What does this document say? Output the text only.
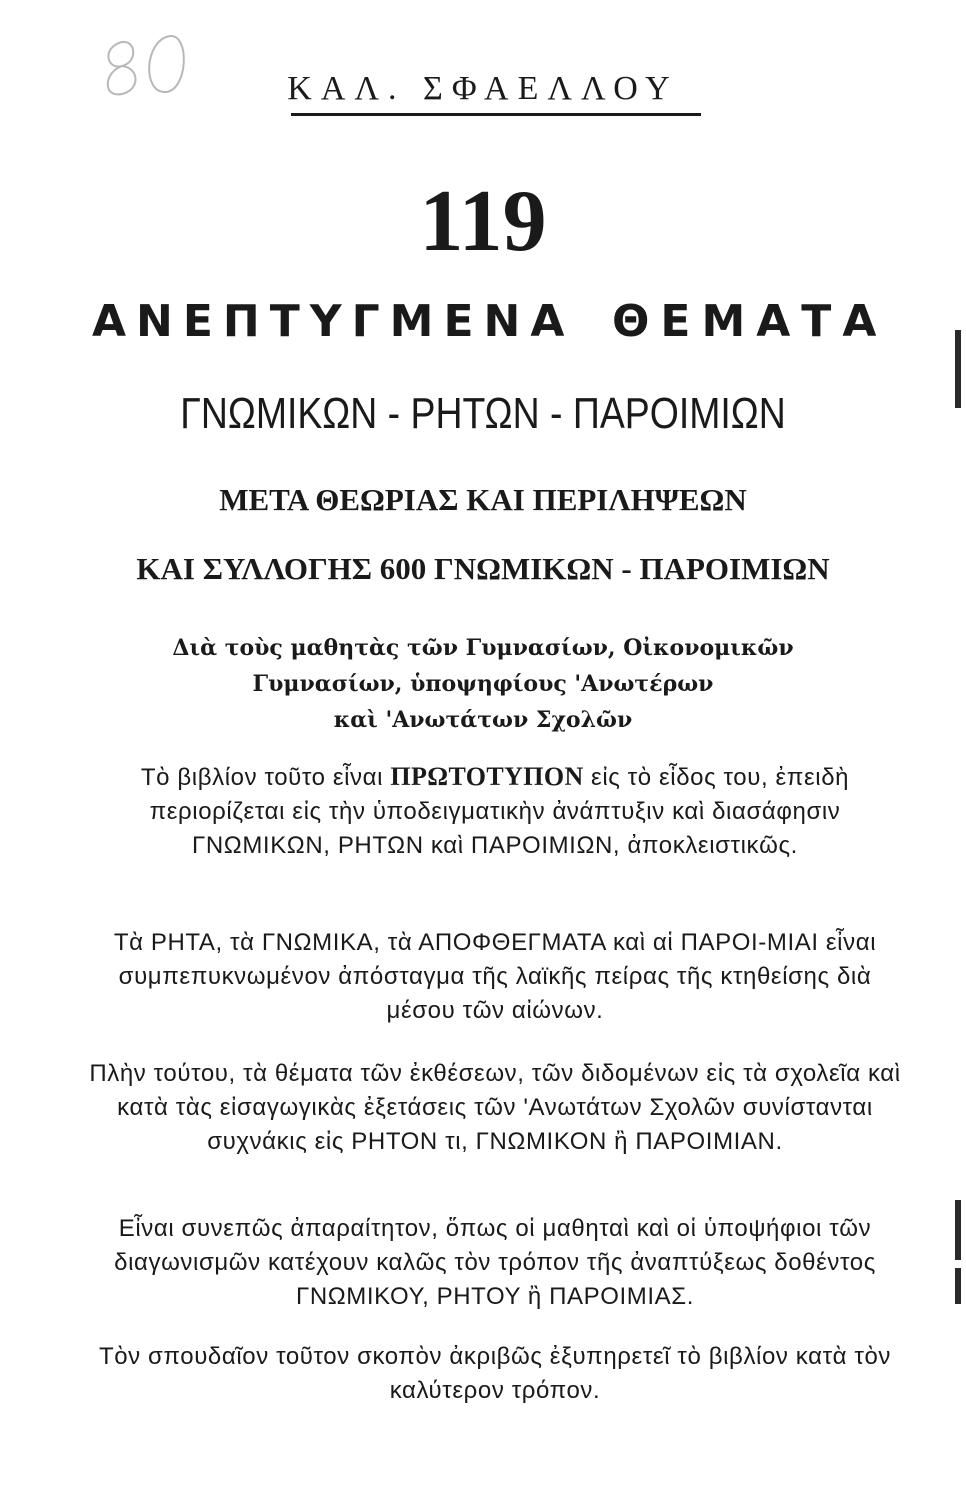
ΚΑΛ. ΣΦΑΕΛΛΟΥ
119
ΑΝΕΠΤΥΓΜΕΝΑ ΘΕΜΑΤΑ
ΓΝΩΜΙΚΩΝ - ΡΗΤΩΝ - ΠΑΡΟΙΜΙΩΝ
ΜΕΤΑ ΘΕΩΡΙΑΣ ΚΑΙ ΠΕΡΙΛΗΨΕΩΝ
ΚΑΙ ΣΥΛΛΟΓΗΣ 600 ΓΝΩΜΙΚΩΝ - ΠΑΡΟΙΜΙΩΝ
Διὰ τοὺς μαθητὰς τῶν Γυμνασίων, Οἰκονομικῶν
Γυμνασίων, ὑποψηφίους 'Ανωτέρων
καὶ 'Ανωτάτων Σχολῶν
Τὸ βιβλίον τοῦτο εἶναι ΠΡΩΤΟΤΥΠΟΝ εἰς τὸ εἶδος του, ἐπειδὴ περιορίζεται εἰς τὴν ὑποδειγματικὴν ἀνάπτυξιν καὶ διασάφησιν ΓΝΩΜΙΚΩΝ, ΡΗΤΩΝ καὶ ΠΑΡΟΙΜΙΩΝ, ἀποκλειστικῶς.
Τὰ ΡΗΤΑ, τὰ ΓΝΩΜΙΚΑ, τὰ ΑΠΟΦΘΕΓΜΑΤΑ καὶ αἱ ΠΑΡΟΙ-ΜΙΑΙ εἶναι συμπεπυκνωμένον ἀπόσταγμα τῆς λαϊκῆς πείρας τῆς κτηθείσης διὰ μέσου τῶν αἰώνων.
Πλὴν τούτου, τὰ θέματα τῶν ἐκθέσεων, τῶν διδομένων εἰς τὰ σχολεῖα καὶ κατὰ τὰς εἰσαγωγικὰς ἐξετάσεις τῶν 'Ανωτάτων Σχολῶν συνίστανται συχνάκις εἰς ΡΗΤΟΝ τι, ΓΝΩΜΙΚΟΝ ἢ ΠΑΡΟΙΜΙΑΝ.
Εἶναι συνεπῶς ἀπαραίτητον, ὅπως οἱ μαθηταὶ καὶ οἱ ὑποψήφιοι τῶν διαγωνισμῶν κατέχουν καλῶς τὸν τρόπον τῆς ἀναπτύξεως δοθέντος ΓΝΩΜΙΚΟΥ, ΡΗΤΟΥ ἢ ΠΑΡΟΙΜΙΑΣ.
Τὸν σπουδαῖον τοῦτον σκοπὸν ἀκριβῶς ἐξυπηρετεῖ τὸ βιβλίον κατὰ τὸν καλύτερον τρόπον.
